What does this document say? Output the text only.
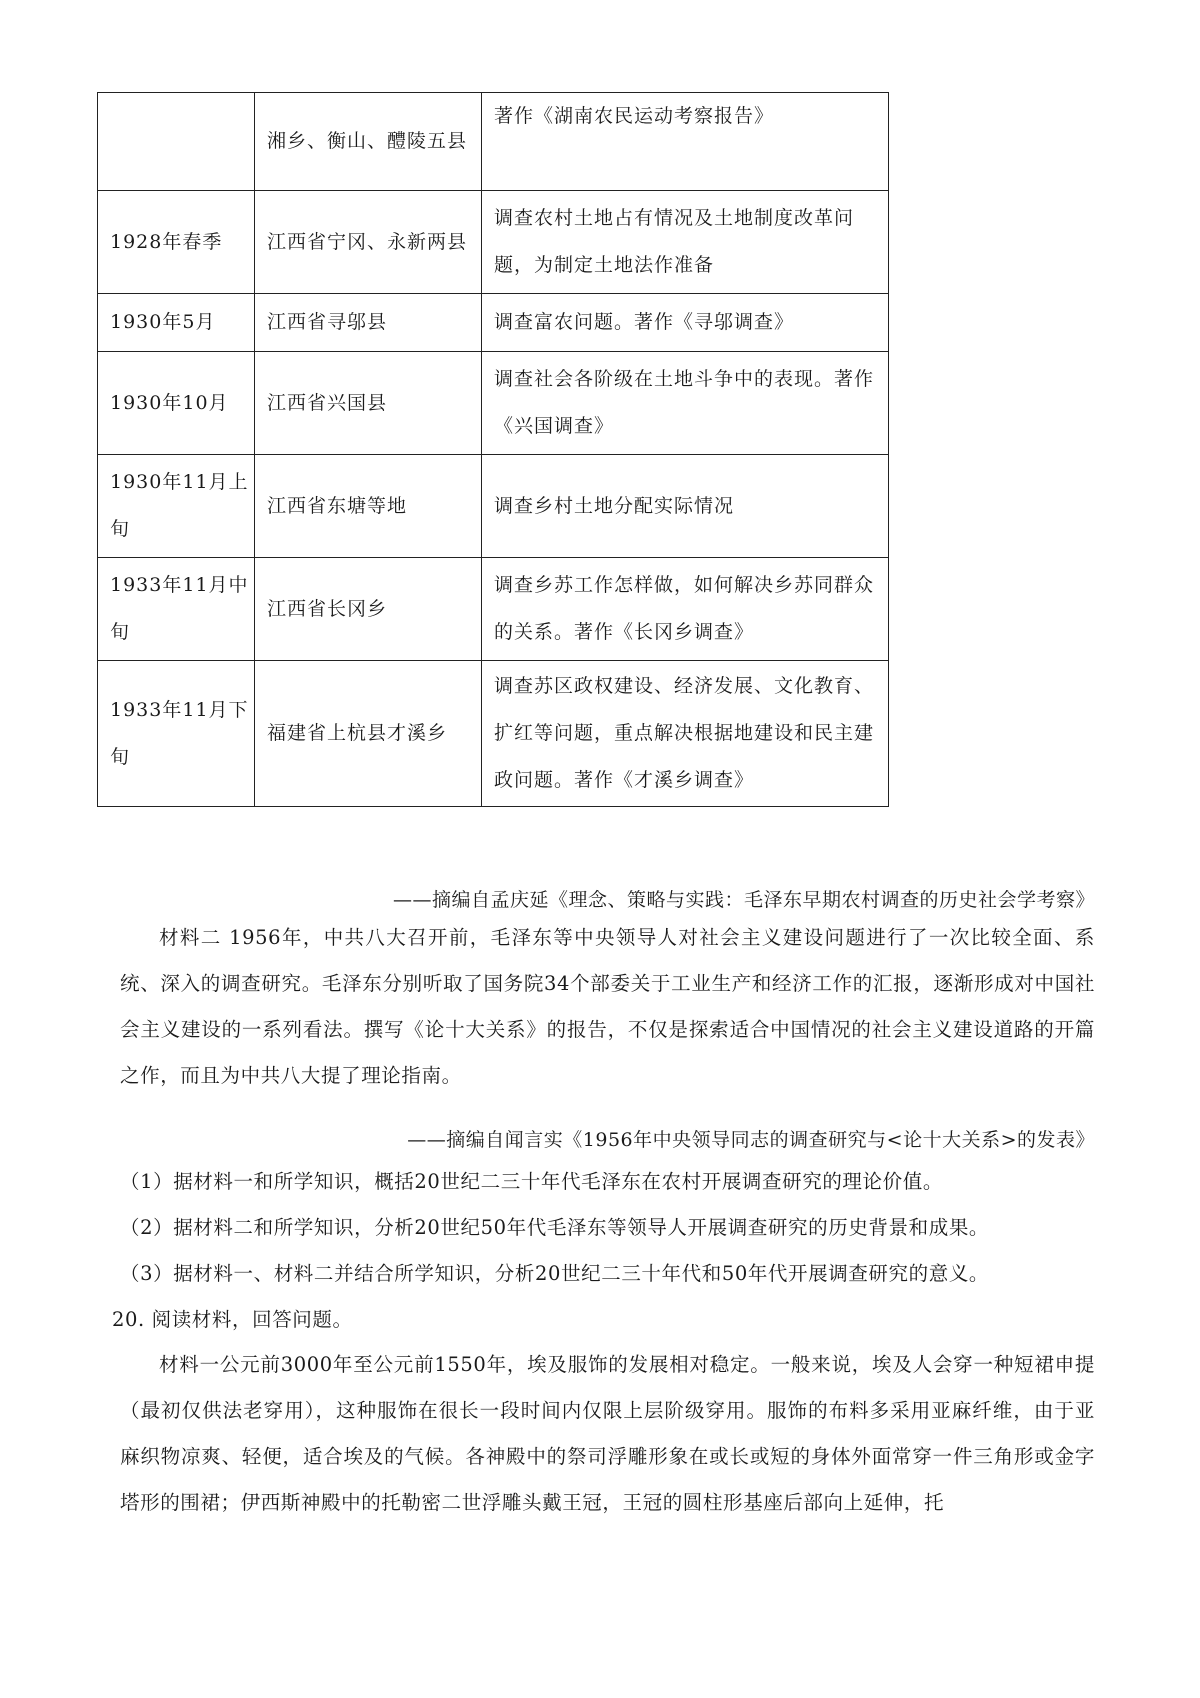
	湘乡、衡山、醴陵五县	著作《湖南农民运动考察报告》
1928年春季	江西省宁冈、永新两县	调查农村土地占有情况及土地制度改革问题，为制定土地法作准备
1930年5月	江西省寻邬县	调查富农问题。著作《寻邬调查》
1930年10月	江西省兴国县	调查社会各阶级在土地斗争中的表现。著作《兴国调查》
1930年11月上旬	江西省东塘等地	调查乡村土地分配实际情况
1933年11月中旬	江西省长冈乡	调查乡苏工作怎样做，如何解决乡苏同群众的关系。著作《长冈乡调查》
1933年11月下旬	福建省上杭县才溪乡	调查苏区政权建设、经济发展、文化教育、扩红等问题，重点解决根据地建设和民主建政问题。著作《才溪乡调查》
——摘编自孟庆延《理念、策略与实践：毛泽东早期农村调查的历史社会学考察》
材料二 1956年，中共八大召开前，毛泽东等中央领导人对社会主义建设问题进行了一次比较全面、系统、深入的调查研究。毛泽东分别听取了国务院34个部委关于工业生产和经济工作的汇报，逐渐形成对中国社会主义建设的一系列看法。撰写《论十大关系》的报告，不仅是探索适合中国情况的社会主义建设道路的开篇之作，而且为中共八大提了理论指南。
——摘编自闻言实《1956年中央领导同志的调查研究与<论十大关系>的发表》
（1）据材料一和所学知识，概括20世纪二三十年代毛泽东在农村开展调查研究的理论价值。
（2）据材料二和所学知识，分析20世纪50年代毛泽东等领导人开展调查研究的历史背景和成果。
（3）据材料一、材料二并结合所学知识，分析20世纪二三十年代和50年代开展调查研究的意义。
20. 阅读材料，回答问题。
材料一公元前3000年至公元前1550年，埃及服饰的发展相对稳定。一般来说，埃及人会穿一种短裙申提（最初仅供法老穿用），这种服饰在很长一段时间内仅限上层阶级穿用。服饰的布料多采用亚麻纤维，由于亚麻织物凉爽、轻便，适合埃及的气候。各神殿中的祭司浮雕形象在或长或短的身体外面常穿一件三角形或金字塔形的围裙；伊西斯神殿中的托勒密二世浮雕头戴王冠，王冠的圆柱形基座后部向上延伸，托
